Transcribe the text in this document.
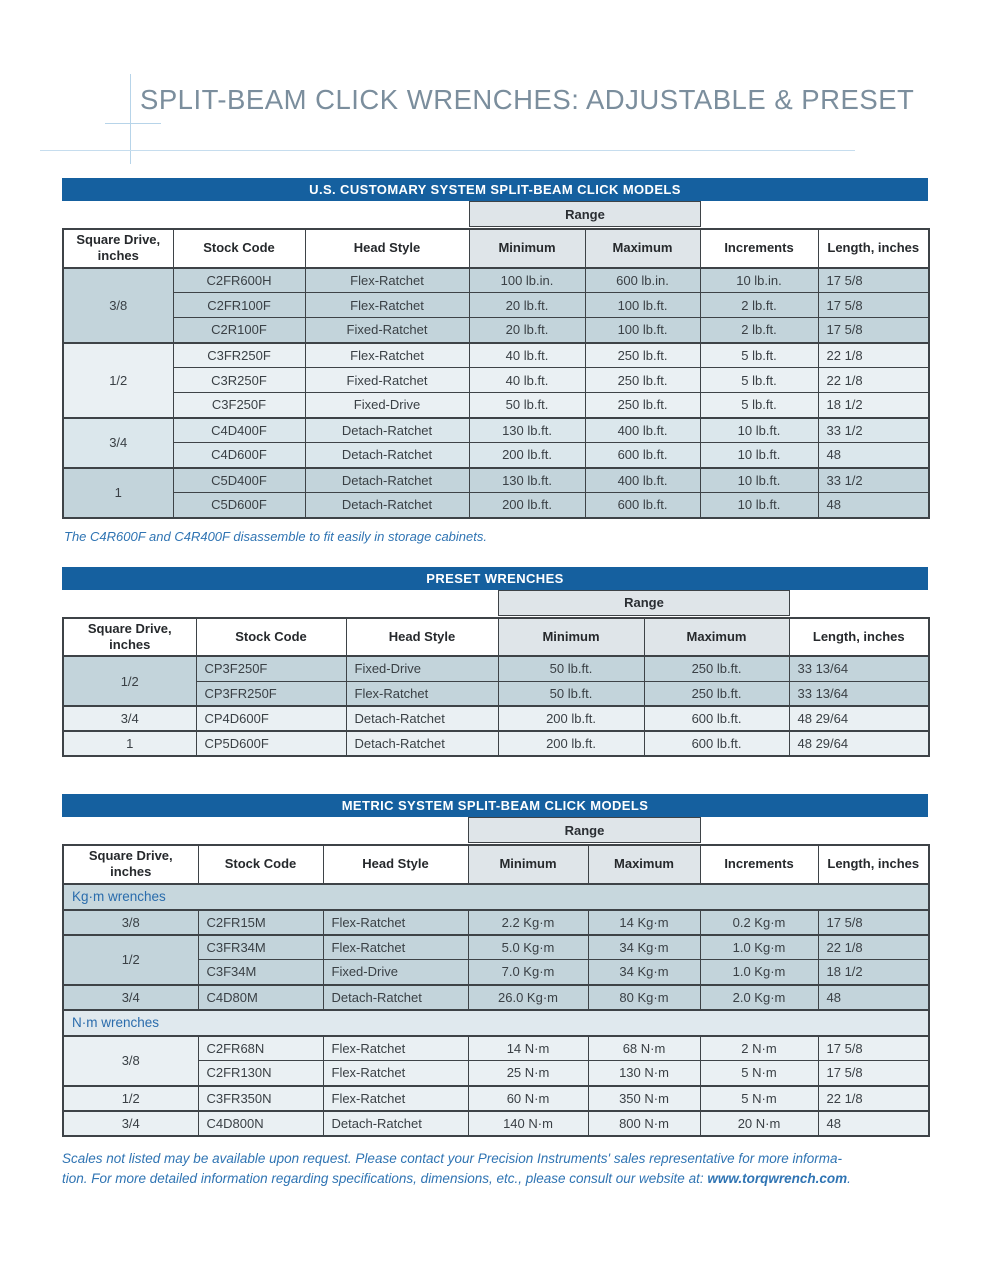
SPLIT-BEAM CLICK WRENCHES: ADJUSTABLE & PRESET
U.S. CUSTOMARY SYSTEM SPLIT-BEAM CLICK MODELS
Range
Square Drive, inches	Stock Code	Head Style	Minimum	Maximum	Increments	Length, inches
3/8	C2FR600H	Flex-Ratchet	100 lb.in.	600 lb.in.	10 lb.in.	17 5/8
	C2FR100F	Flex-Ratchet	20 lb.ft.	100 lb.ft.	2 lb.ft.	17 5/8
	C2R100F	Fixed-Ratchet	20 lb.ft.	100 lb.ft.	2 lb.ft.	17 5/8
1/2	C3FR250F	Flex-Ratchet	40 lb.ft.	250 lb.ft.	5 lb.ft.	22 1/8
	C3R250F	Fixed-Ratchet	40 lb.ft.	250 lb.ft.	5 lb.ft.	22 1/8
	C3F250F	Fixed-Drive	50 lb.ft.	250 lb.ft.	5 lb.ft.	18 1/2
3/4	C4D400F	Detach-Ratchet	130 lb.ft.	400 lb.ft.	10 lb.ft.	33 1/2
	C4D600F	Detach-Ratchet	200 lb.ft.	600 lb.ft.	10 lb.ft.	48
1	C5D400F	Detach-Ratchet	130 lb.ft.	400 lb.ft.	10 lb.ft.	33 1/2
	C5D600F	Detach-Ratchet	200 lb.ft.	600 lb.ft.	10 lb.ft.	48
The C4R600F and C4R400F disassemble to fit easily in storage cabinets.
PRESET WRENCHES
Range
Square Drive, inches	Stock Code	Head Style	Minimum	Maximum	Length, inches
1/2	CP3F250F	Fixed-Drive	50 lb.ft.	250 lb.ft.	33 13/64
	CP3FR250F	Flex-Ratchet	50 lb.ft.	250 lb.ft.	33 13/64
3/4	CP4D600F	Detach-Ratchet	200 lb.ft.	600 lb.ft.	48 29/64
1	CP5D600F	Detach-Ratchet	200 lb.ft.	600 lb.ft.	48 29/64
METRIC SYSTEM SPLIT-BEAM CLICK MODELS
Range
Square Drive, inches	Stock Code	Head Style	Minimum	Maximum	Increments	Length, inches
Kg·m wrenches						
3/8	C2FR15M	Flex-Ratchet	2.2 Kg·m	14 Kg·m	0.2 Kg·m	17 5/8
1/2	C3FR34M	Flex-Ratchet	5.0 Kg·m	34 Kg·m	1.0 Kg·m	22 1/8
	C3F34M	Fixed-Drive	7.0 Kg·m	34 Kg·m	1.0 Kg·m	18 1/2
3/4	C4D80M	Detach-Ratchet	26.0 Kg·m	80 Kg·m	2.0 Kg·m	48
N·m wrenches						
3/8	C2FR68N	Flex-Ratchet	14 N·m	68 N·m	2 N·m	17 5/8
	C2FR130N	Flex-Ratchet	25 N·m	130 N·m	5 N·m	17 5/8
1/2	C3FR350N	Flex-Ratchet	60 N·m	350 N·m	5 N·m	22 1/8
3/4	C4D800N	Detach-Ratchet	140 N·m	800 N·m	20 N·m	48
Scales not listed may be available upon request. Please contact your Precision Instruments' sales representative for more informa-
tion. For more detailed information regarding specifications, dimensions, etc., please consult our website at: www.torqwrench.com.
